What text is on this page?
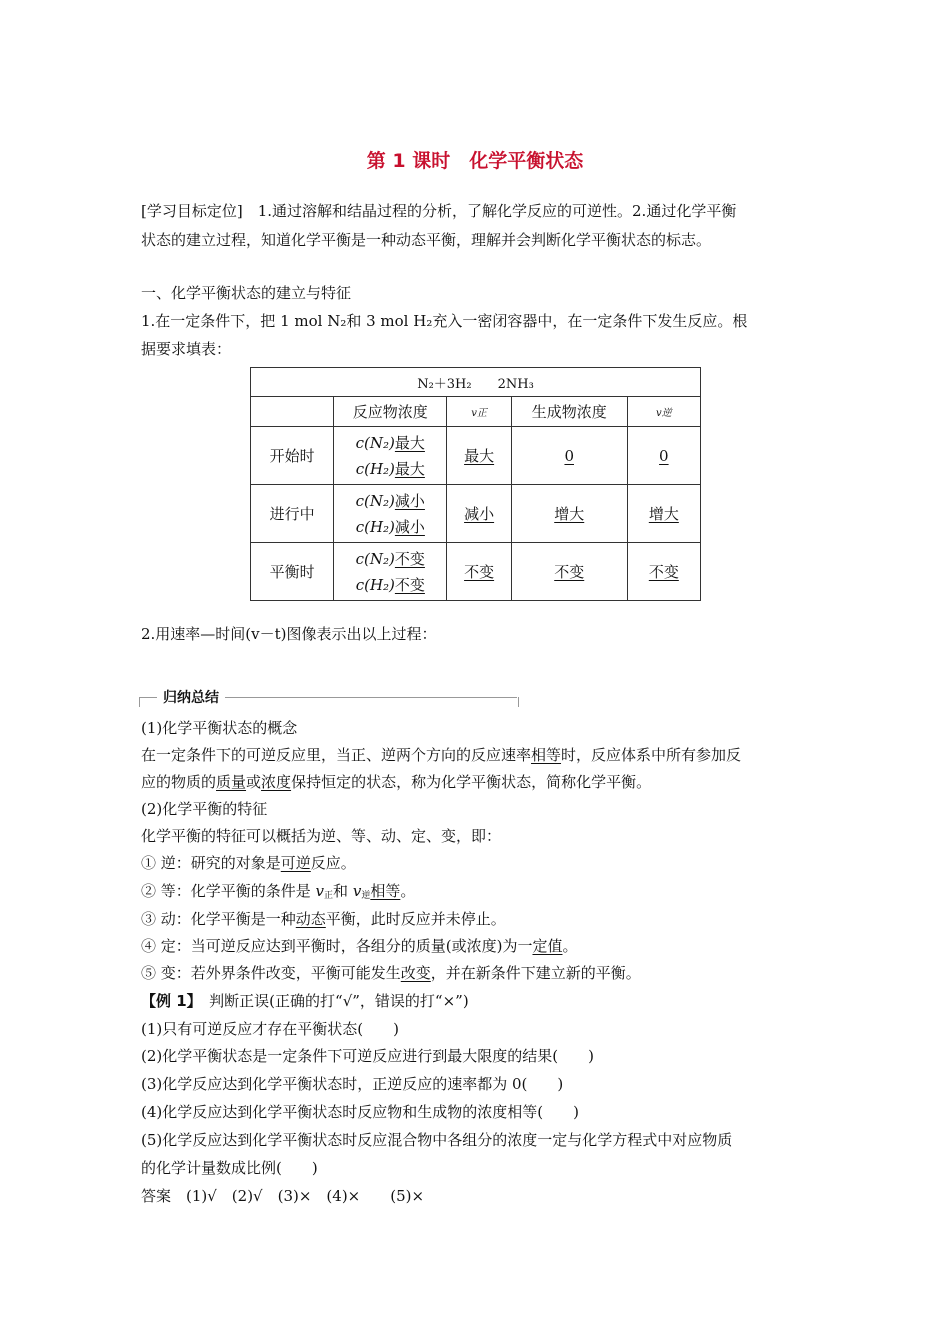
第 1 课时　化学平衡状态
[学习目标定位]　1.通过溶解和结晶过程的分析，了解化学反应的可逆性。2.通过化学平衡
状态的建立过程，知道化学平衡是一种动态平衡，理解并会判断化学平衡状态的标志。
一、化学平衡状态的建立与特征
1.在一定条件下，把 1 mol N₂和 3 mol H₂充入一密闭容器中，在一定条件下发生反应。根
据要求填表：
N₂＋3H₂　　2NH₃				
	反应物浓度	v正	生成物浓度	v逆
开始时	c(N₂)最大
c(H₂)最大	最大	0	0
进行中	c(N₂)减小
c(H₂)减小	减小	增大	增大
平衡时	c(N₂)不变
c(H₂)不变	不变	不变	不变
2.用速率—时间(v－t)图像表示出以上过程：
归纳总结
(1)化学平衡状态的概念
在一定条件下的可逆反应里，当正、逆两个方向的反应速率相等时，反应体系中所有参加反
应的物质的质量或浓度保持恒定的状态，称为化学平衡状态，简称化学平衡。
(2)化学平衡的特征
化学平衡的特征可以概括为逆、等、动、定、变，即：
① 逆：研究的对象是可逆反应。
② 等：化学平衡的条件是 $v_正$和 $v_逆$相等。
③ 动：化学平衡是一种动态平衡，此时反应并未停止。
④ 定：当可逆反应达到平衡时，各组分的质量(或浓度)为一定值。
⑤ 变：若外界条件改变，平衡可能发生改变，并在新条件下建立新的平衡。
【例 1】　判断正误(正确的打“√”，错误的打“×”)
(1)只有可逆反应才存在平衡状态(　　)
(2)化学平衡状态是一定条件下可逆反应进行到最大限度的结果(　　)
(3)化学反应达到化学平衡状态时，正逆反应的速率都为 0(　　)
(4)化学反应达到化学平衡状态时反应物和生成物的浓度相等(　　)
(5)化学反应达到化学平衡状态时反应混合物中各组分的浓度一定与化学方程式中对应物质
的化学计量数成比例(　　)
答案　(1)√　(2)√　(3)×　(4)×　　(5)×
